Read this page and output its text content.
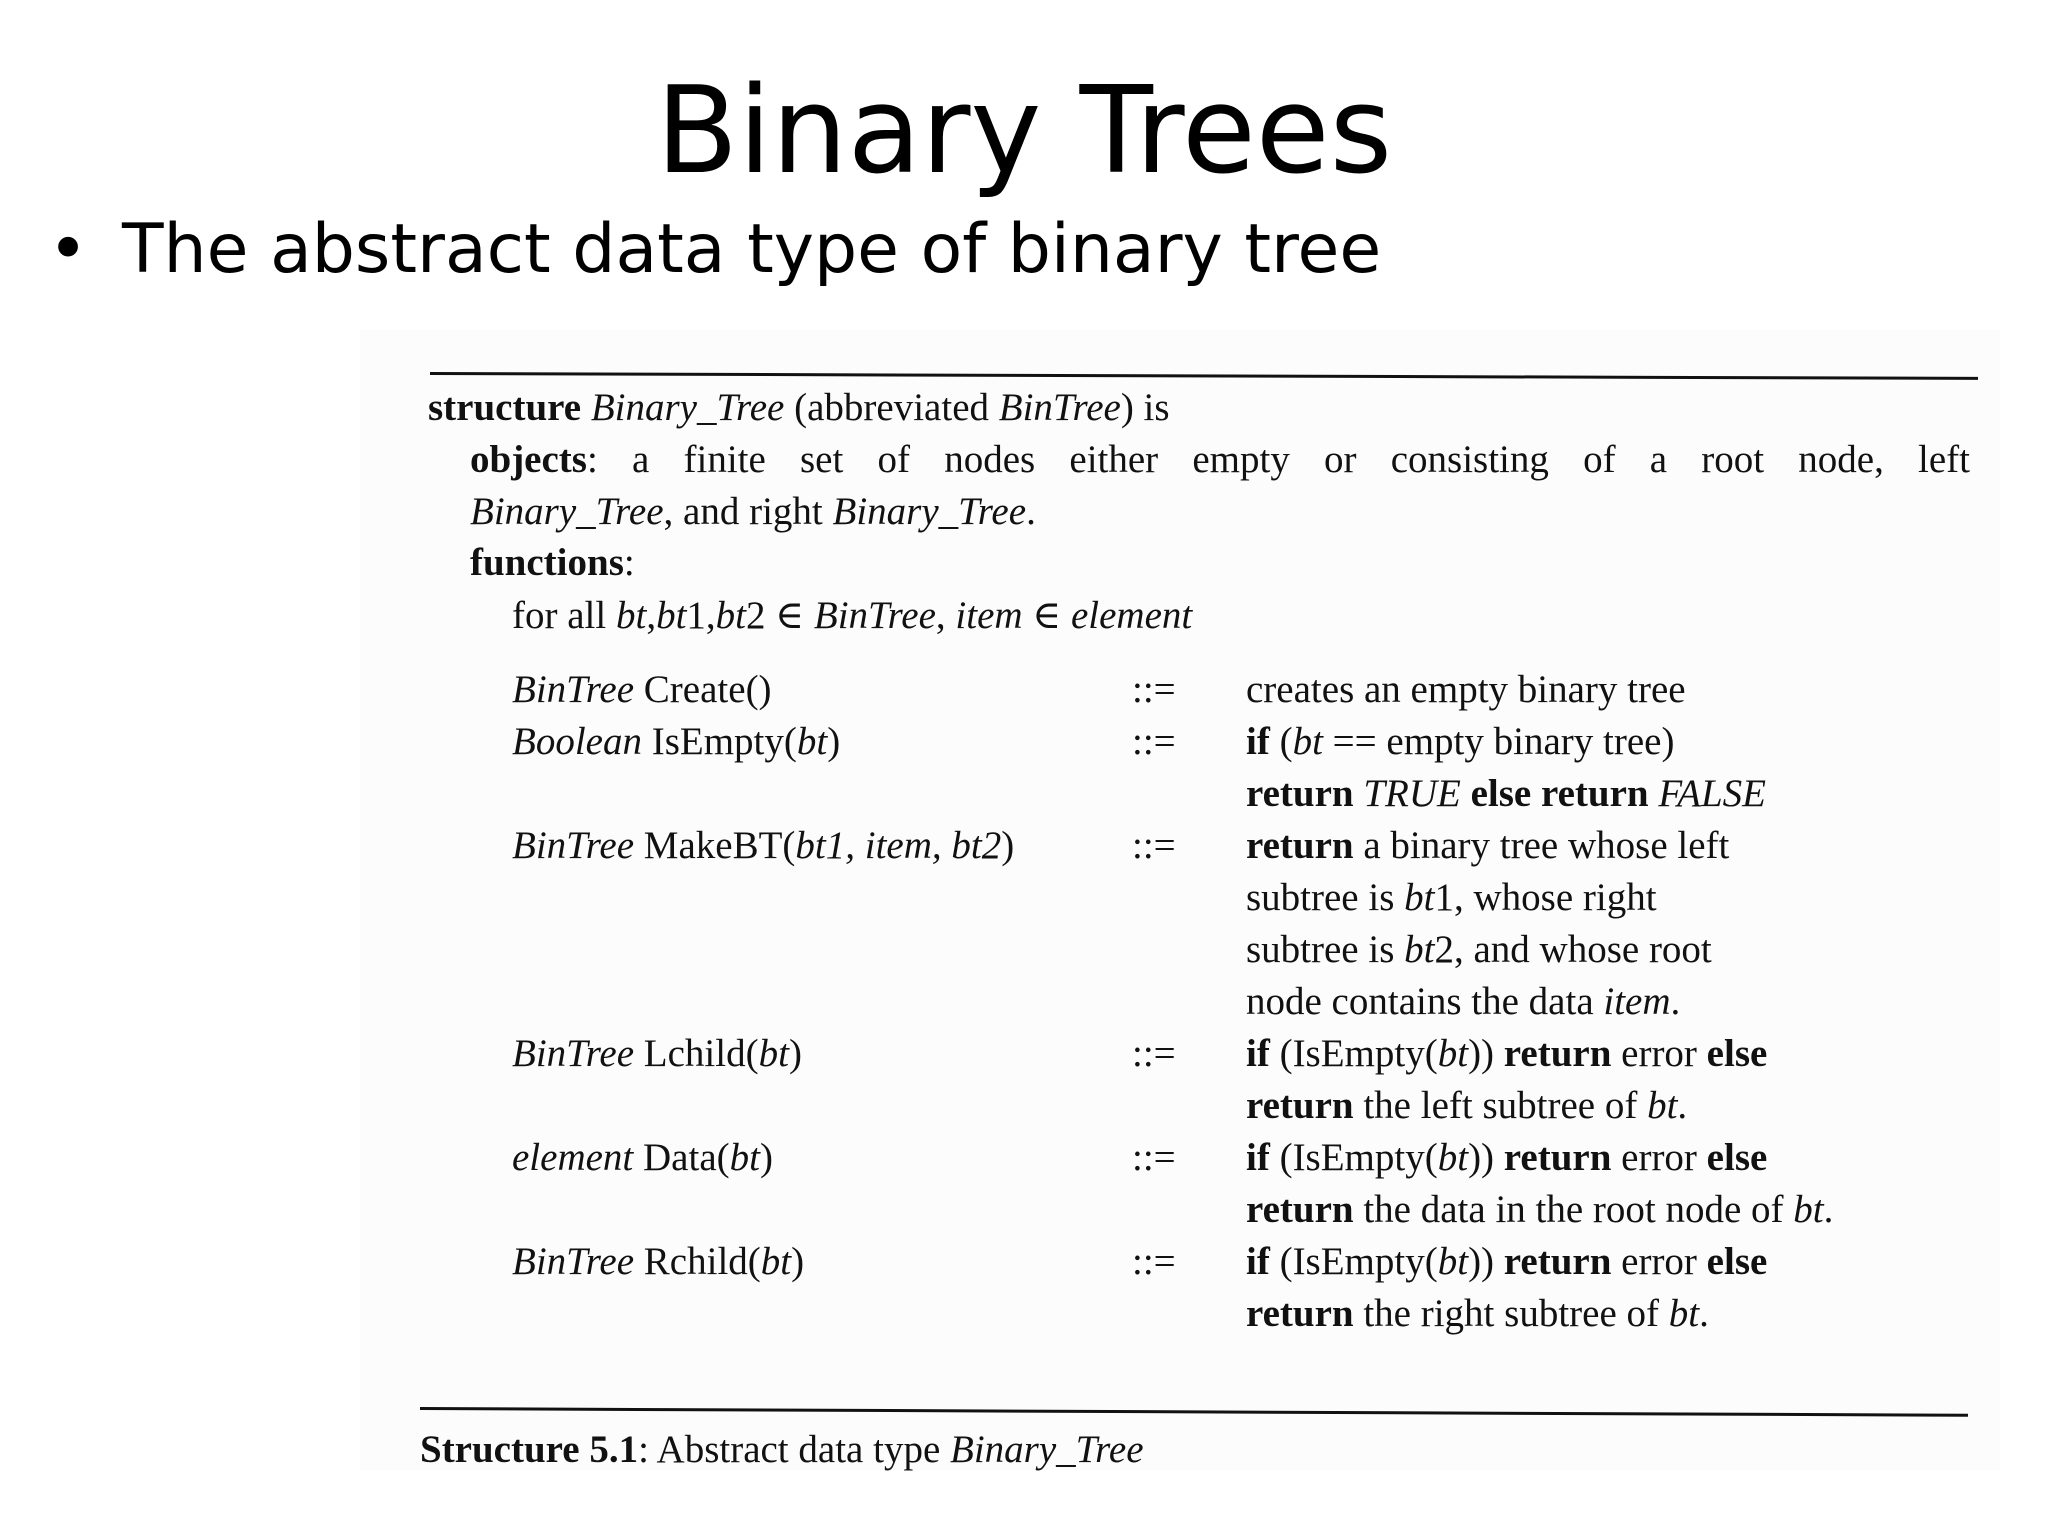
Binary Trees
• The abstract data type of binary tree
structure Binary_Tree (abbreviated BinTree) is
objects: a finite set of nodes either empty or consisting of a root node, left
Binary_Tree, and right Binary_Tree.
functions:
for all bt,bt1,bt2 ∈ BinTree, item ∈ element
BinTree Create()	::= creates an empty binary tree
Boolean IsEmpty(bt)	::= if (bt == empty binary tree)
return TRUE else return FALSE
BinTree MakeBT(bt1, item, bt2)	::= return a binary tree whose left
subtree is bt1, whose right
subtree is bt2, and whose root
node contains the data item.
BinTree Lchild(bt)	::= if (IsEmpty(bt)) return error else
return the left subtree of bt.
element Data(bt)	::= if (IsEmpty(bt)) return error else
return the data in the root node of bt.
BinTree Rchild(bt)	::= if (IsEmpty(bt)) return error else
return the right subtree of bt.
Structure 5.1: Abstract data type Binary_Tree
